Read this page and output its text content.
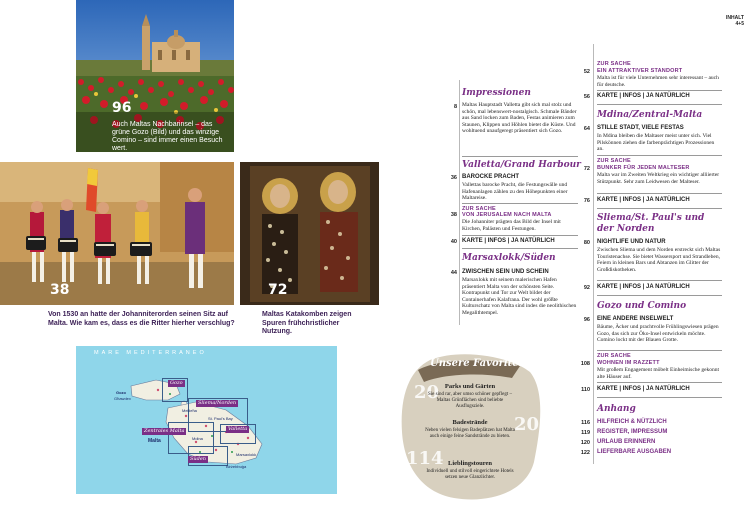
96
Auch Maltas Nachbarinsel – das grüne Gozo (Bild) und das winzige Comino – sind immer einen Besuch wert.
38	72
Von 1530 an hatte der Johanniterorden seinen Sitz auf Malta. Wie kam es, dass es die Ritter hierher verschlug?
Maltas Katakomben zeigen Spuren frühchristlicher Nutzung.
MARE MEDITERRANEO
Gozo
Sliema/Norden
Zentrales Malta	Valletta
Süden
Gozo
Għawdex
Malta
Mellieħa
St. Paul's Bay
Mdina
Marsaxlokk
Birżebbuġa
Impressionen
8 Maltas Hauptstadt Valletta gibt sich mal stolz und schön, mal lebenswert-nostalgisch. Schmale Bänder aus Sand locken zum Baden, Festas animieren zum Staunen, Klippen und Höhlen bietet die Küste. Und wohltuend unaufgeregt präsentiert sich Gozo.
Valletta/Grand Harbour
36 BAROCKE PRACHT
Vallettas barocke Pracht, die Festungswälle und Hafenanlagen zählen zu den Höhepunkten einer Maltareise.
ZUR SACHE
VON JERUSALEM NACH MALTA
38
Die Johanniter prägten das Bild der Insel mit Kirchen, Palästen und Festungen.
40 KARTE | INFOS | JA NATÜRLICH
Marsaxlokk/Süden
44 ZWISCHEN SEIN UND SCHEIN
Marsaxlokk mit seinem malerischen Hafen präsentiert Malta von der schönsten Seite. Kontrapunkt und Tor zur Welt bildet der Containerhafen Kalafrana. Der wohl größte Kulturschatz von Malta sind indes die neolithischen Megalithtempel.
Unsere Favoriten
20 Parks und Gärten
Sie sind rar, aber umso schöner gepflegt – Maltas Grünflächen sind beliebte Ausflugsziele.
20
Badestrände
Neben vielen felsigen Badeplätzen hat Malta auch einige feine Sandstrände zu bieten.
114 Lieblingstouren
Individuell und stilvoll eingerichtete Hotels setzen neue Glanzlichter.
INHALT
4+5
ZUR SACHE
EIN ATTRAKTIVER STANDORT
52
Malta ist für viele Unternehmen sehr interessant – auch für deutsche.
56 KARTE | INFOS | JA NATÜRLICH
Mdina/Zentral-Malta
64 STILLE STADT, VIELE FESTAS
In Mdina bleiben die Maltaser meist unter sich. Viel Pilskönnen ziehen die farbenprächtigen Prozessionen an.
ZUR SACHE
BUNKER FÜR JEDEN MALTESER
72
Malta war im Zweiten Weltkrieg ein wichtiger alliierter Stützpunkt. Sehr zum Leidwesen der Malteser.
76 KARTE | INFOS | JA NATÜRLICH
Sliema/St. Paul's und der Norden
80 NIGHTLIFE UND NATUR
Zwischen Sliema und dem Norden erstreckt sich Maltas Touristenachse. Sie bietet Wassersport und Strandleben, Feiern in kleinen Bars und Abtanzen im Glitter der Großdiskotheken.
92 KARTE | INFOS | JA NATÜRLICH
Gozo und Comino
96 EINE ANDERE INSELWELT
Bäume, Äcker und prachtvolle Frühlingswiesen prägen Gozo, das sich zur Öko-Insel entwickeln möchte. Comino lockt mit der Blauen Grotte.
ZUR SACHE
WOHNEN IM RAZZETT
108
Mit großem Engagement möbelt Einheimische gekonnt alte Häuser auf.
110 KARTE | INFOS | JA NATÜRLICH
Anhang
116 HILFREICH & NÜTZLICH
119 REGISTER, IMPRESSUM
120 URLAUB ERINNERN
122 LIEFERBARE AUSGABEN
